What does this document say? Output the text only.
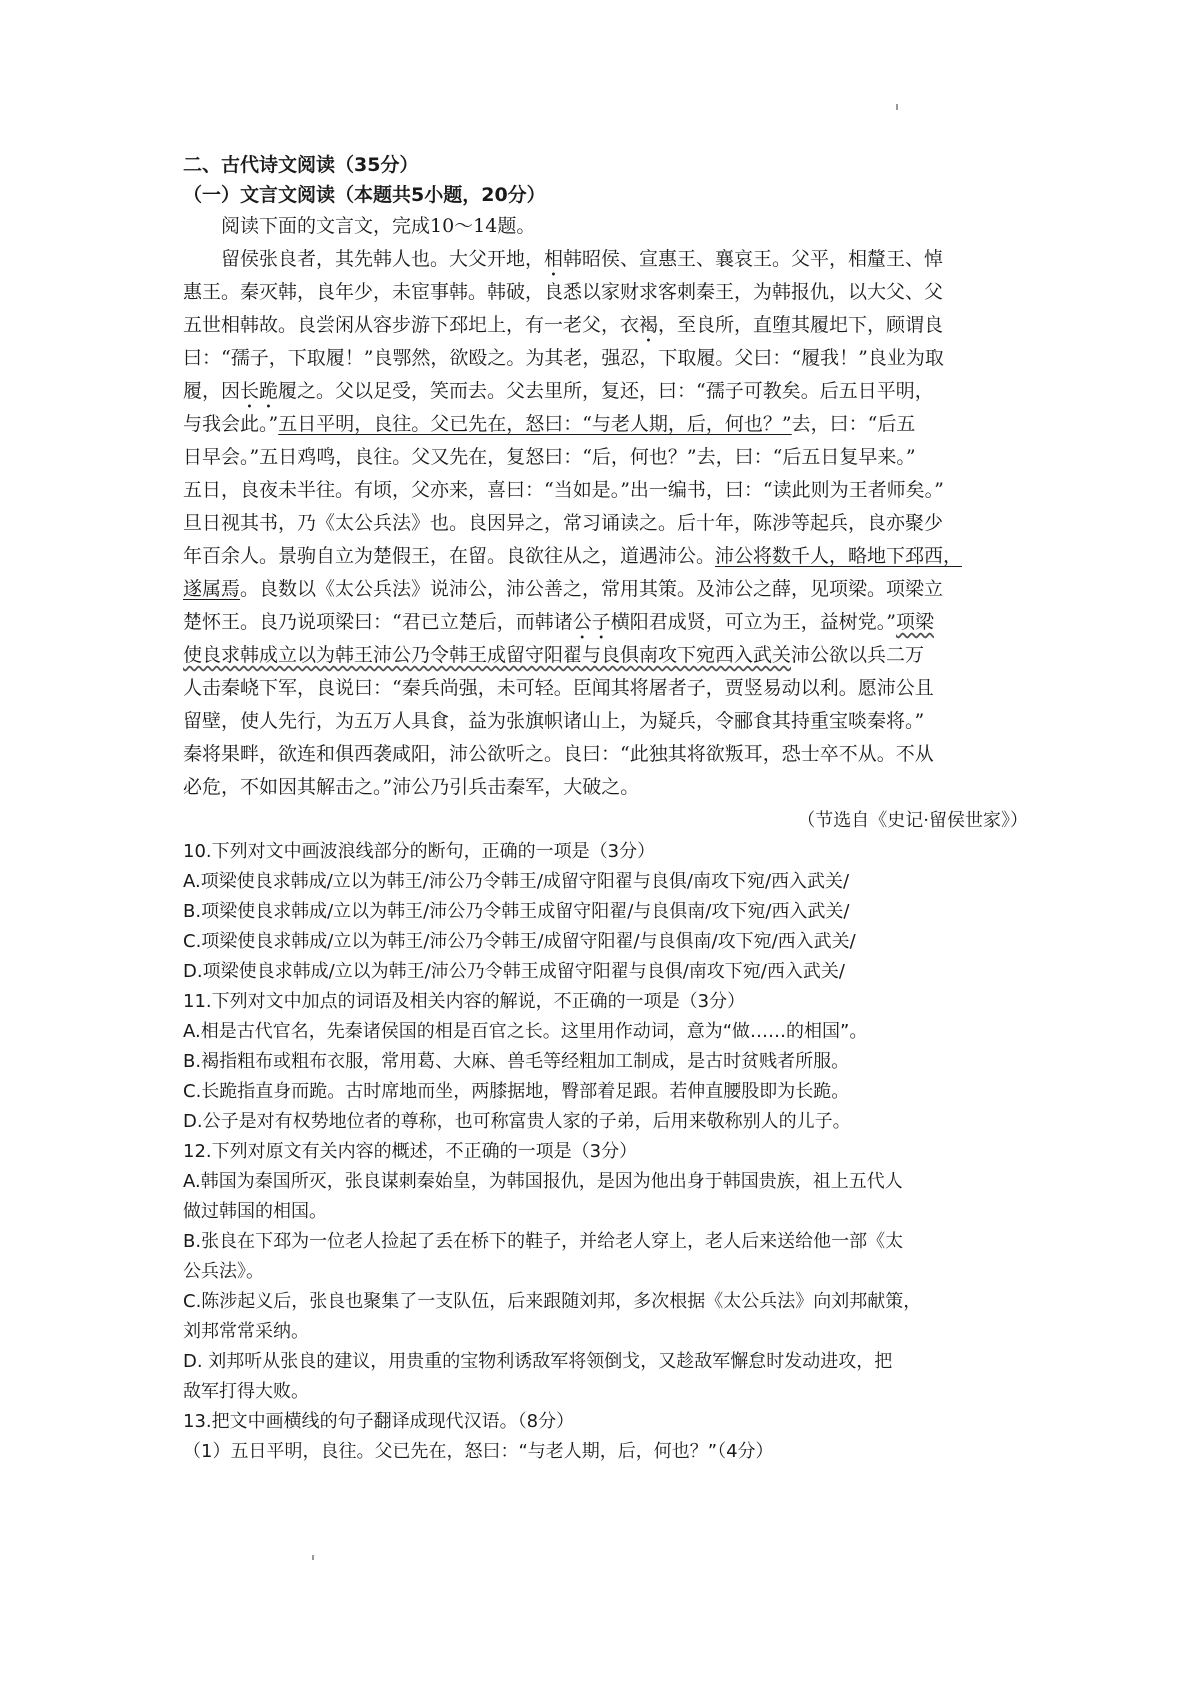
二、古代诗文阅读（35分）
（一）文言文阅读（本题共5小题，20分）
阅读下面的文言文，完成10～14题。
留侯张良者，其先韩人也。大父开地，相韩昭侯、宣惠王、襄哀王。父平，相釐王、悼
惠王。秦灭韩，良年少，未宦事韩。韩破，良悉以家财求客刺秦王，为韩报仇，以大父、父
五世相韩故。良尝闲从容步游下邳圯上，有一老父，衣褐，至良所，直堕其履圯下，顾谓良
曰：“孺子，下取履！”良鄂然，欲殴之。为其老，强忍，下取履。父曰：“履我！”良业为取
履，因长跪履之。父以足受，笑而去。父去里所，复还，曰：“孺子可教矣。后五日平明，
与我会此。”五日平明，良往。父已先在，怒曰：“与老人期，后，何也？”去，曰：“后五
日早会。”五日鸡鸣，良往。父又先在，复怒曰：“后，何也？”去，曰：“后五日复早来。”
五日，良夜未半往。有顷，父亦来，喜曰：“当如是。”出一编书，曰：“读此则为王者师矣。”
旦日视其书，乃《太公兵法》也。良因异之，常习诵读之。后十年，陈涉等起兵，良亦聚少
年百余人。景驹自立为楚假王，在留。良欲往从之，道遇沛公。沛公将数千人，略地下邳西，
遂属焉。良数以《太公兵法》说沛公，沛公善之，常用其策。及沛公之薛，见项梁。项梁立
楚怀王。良乃说项梁曰：“君已立楚后，而韩诸公子横阳君成贤，可立为王，益树党。”项梁
使良求韩成立以为韩王沛公乃令韩王成留守阳翟与良俱南攻下宛西入武关沛公欲以兵二万
人击秦峣下军，良说曰：“秦兵尚强，未可轻。臣闻其将屠者子，贾竖易动以利。愿沛公且
留壁，使人先行，为五万人具食，益为张旗帜诸山上，为疑兵，令郦食其持重宝啖秦将。”
秦将果畔，欲连和俱西袭咸阳，沛公欲听之。良曰：“此独其将欲叛耳，恐士卒不从。不从
必危，不如因其解击之。”沛公乃引兵击秦军，大破之。
（节选自《史记·留侯世家》）
10.下列对文中画波浪线部分的断句，正确的一项是（3分）
A.项梁使良求韩成/立以为韩王/沛公乃令韩王/成留守阳翟与良俱/南攻下宛/西入武关/
B.项梁使良求韩成/立以为韩王/沛公乃令韩王成留守阳翟/与良俱南/攻下宛/西入武关/
C.项梁使良求韩成/立以为韩王/沛公乃令韩王/成留守阳翟/与良俱南/攻下宛/西入武关/
D.项梁使良求韩成/立以为韩王/沛公乃令韩王成留守阳翟与良俱/南攻下宛/西入武关/
11.下列对文中加点的词语及相关内容的解说，不正确的一项是（3分）
A.相是古代官名，先秦诸侯国的相是百官之长。这里用作动词，意为“做……的相国”。
B.褐指粗布或粗布衣服，常用葛、大麻、兽毛等经粗加工制成，是古时贫贱者所服。
C.长跪指直身而跪。古时席地而坐，两膝据地，臀部着足跟。若伸直腰股即为长跪。
D.公子是对有权势地位者的尊称，也可称富贵人家的子弟，后用来敬称别人的儿子。
12.下列对原文有关内容的概述，不正确的一项是（3分）
A.韩国为秦国所灭，张良谋刺秦始皇，为韩国报仇，是因为他出身于韩国贵族，祖上五代人
做过韩国的相国。
B.张良在下邳为一位老人捡起了丢在桥下的鞋子，并给老人穿上，老人后来送给他一部《太
公兵法》。
C.陈涉起义后，张良也聚集了一支队伍，后来跟随刘邦，多次根据《太公兵法》向刘邦献策，
刘邦常常采纳。
D. 刘邦听从张良的建议，用贵重的宝物利诱敌军将领倒戈，又趁敌军懈怠时发动进攻，把
敌军打得大败。
13.把文中画横线的句子翻译成现代汉语。（8分）
（1）五日平明，良往。父已先在，怒曰：“与老人期，后，何也？”（4分）
